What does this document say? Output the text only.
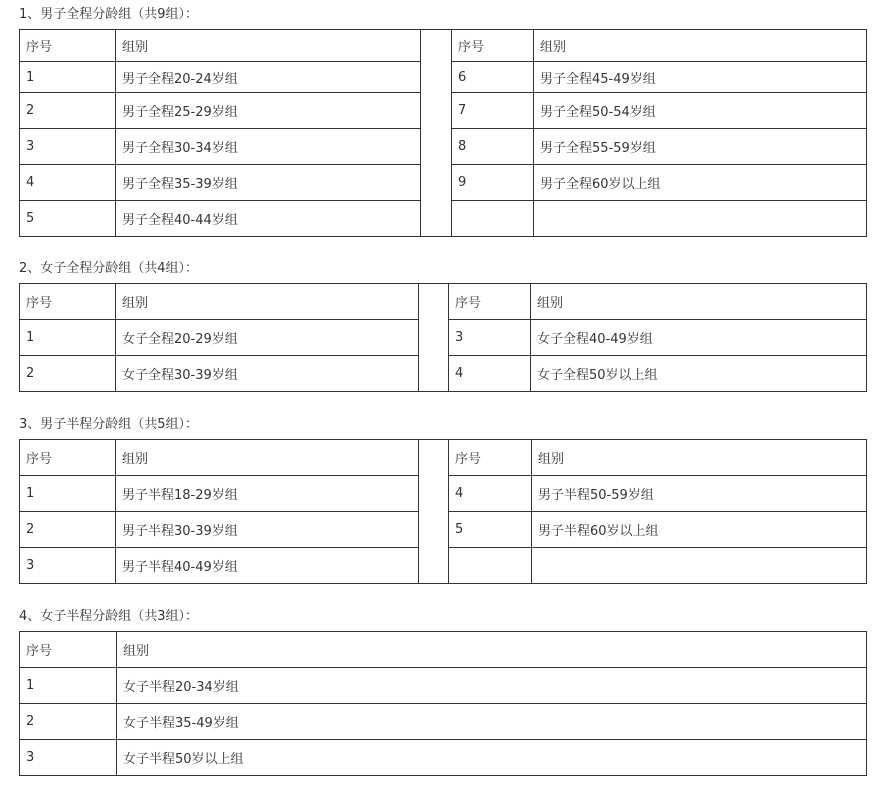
1、男子全程分龄组（共9组）：
序号	组别		序号	组别
1	男子全程20-24岁组		6	男子全程45-49岁组
2	男子全程25-29岁组		7	男子全程50-54岁组
3	男子全程30-34岁组		8	男子全程55-59岁组
4	男子全程35-39岁组		9	男子全程60岁以上组
5	男子全程40-44岁组			
2、女子全程分龄组（共4组）：
序号	组别		序号	组别
1	女子全程20-29岁组		3	女子全程40-49岁组
2	女子全程30-39岁组		4	女子全程50岁以上组
3、男子半程分龄组（共5组）：
序号	组别		序号	组别
1	男子半程18-29岁组		4	男子半程50-59岁组
2	男子半程30-39岁组		5	男子半程60岁以上组
3	男子半程40-49岁组			
4、女子半程分龄组（共3组）：
序号	组别
1	女子半程20-34岁组
2	女子半程35-49岁组
3	女子半程50岁以上组
